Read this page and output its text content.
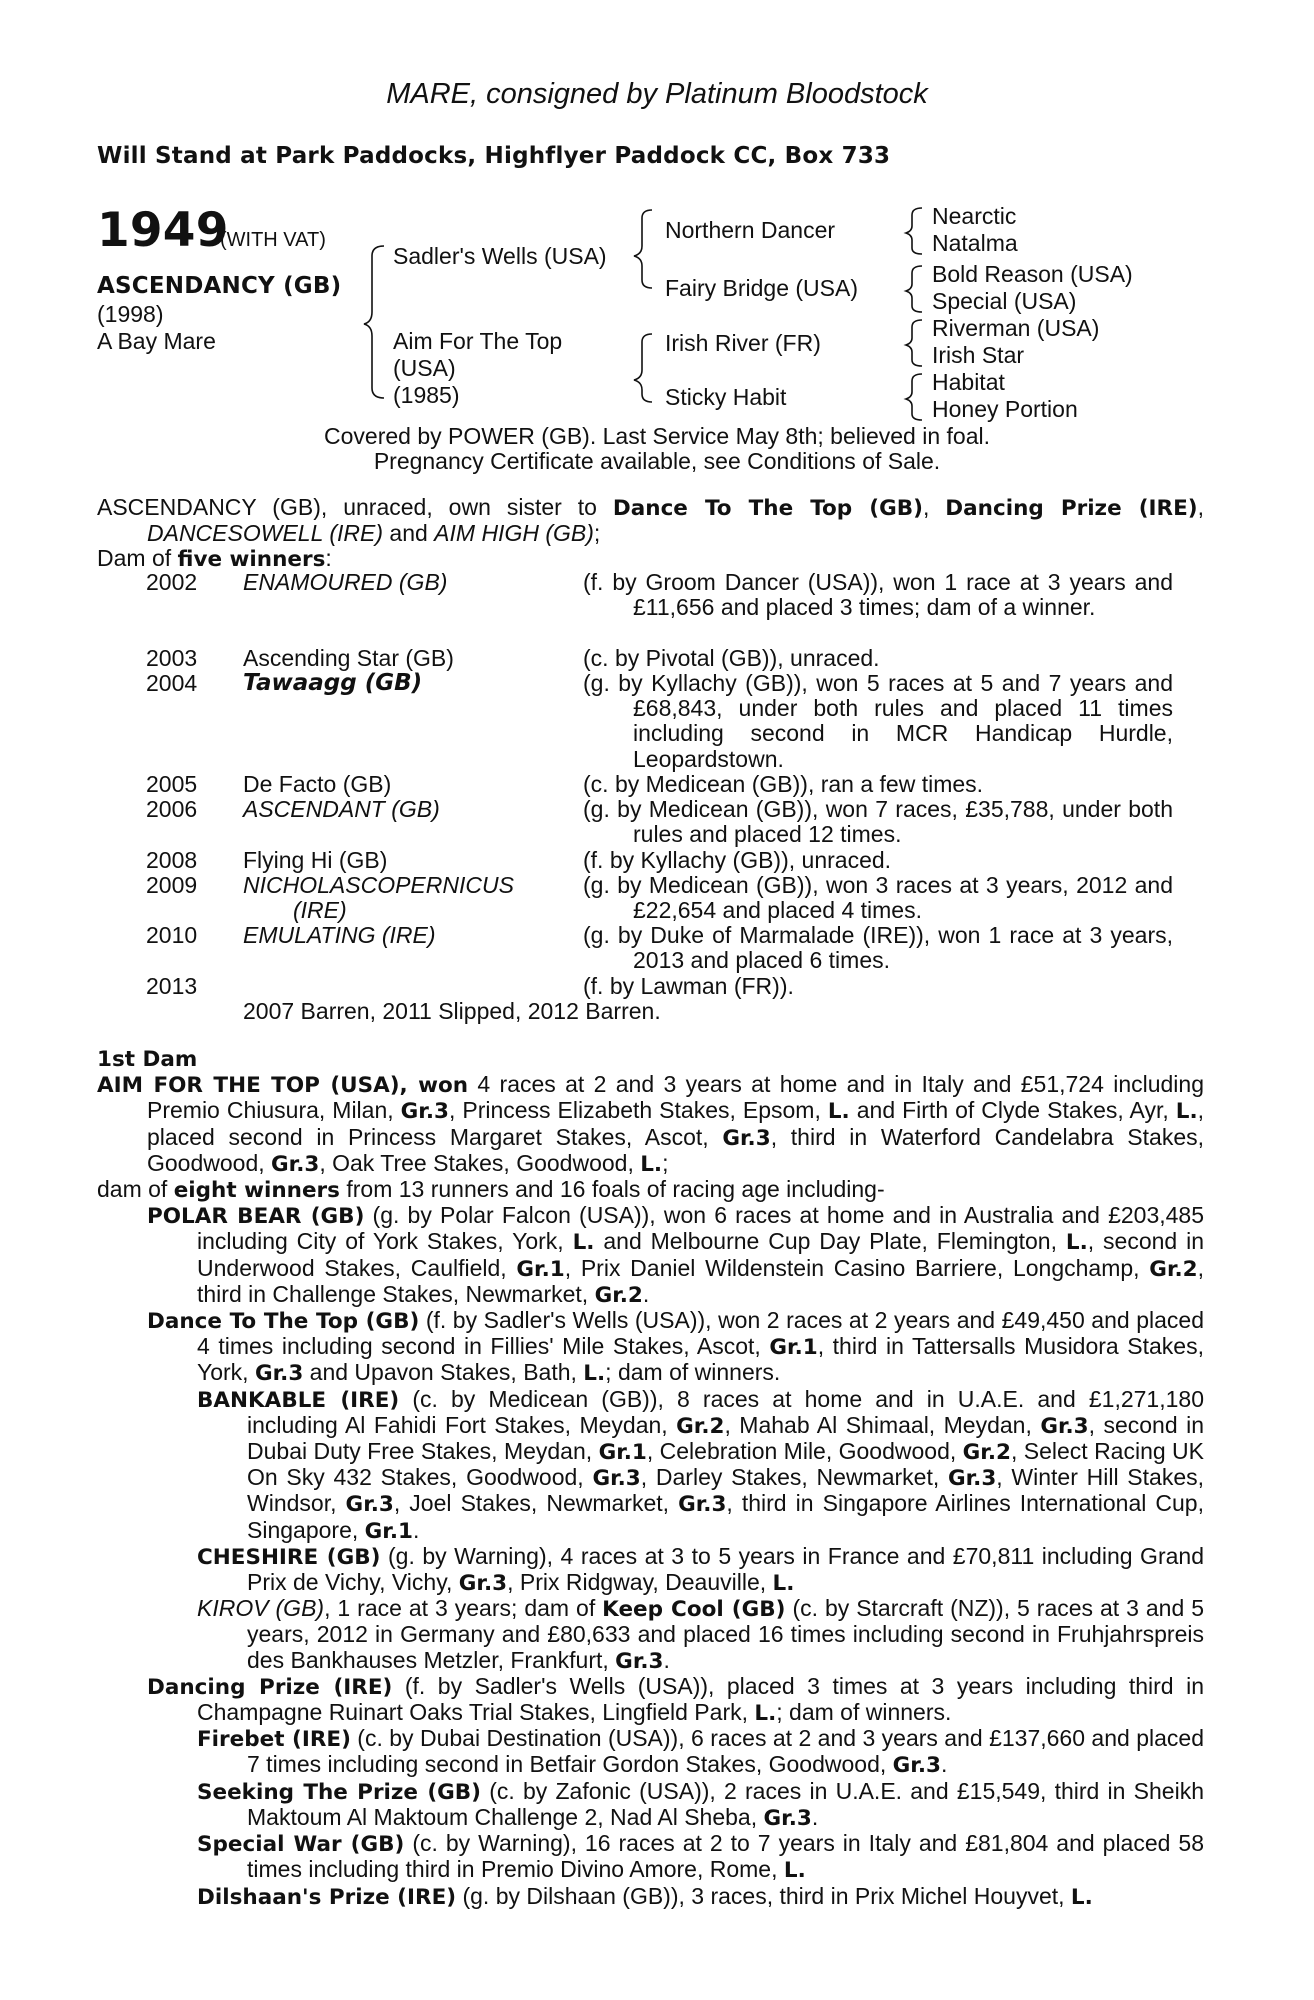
MARE, consigned by Platinum Bloodstock
Will Stand at Park Paddocks, Highflyer Paddock CC, Box 733
1949
(WITH VAT)
ASCENDANCY (GB)
(1998)
A Bay Mare
Sadler's Wells (USA)
Aim For The Top
(USA)
(1985)
Northern Dancer
Fairy Bridge (USA)
Irish River (FR)
Sticky Habit
Nearctic
Natalma
Bold Reason (USA)
Special (USA)
Riverman (USA)
Irish Star
Habitat
Honey Portion
Covered by POWER (GB). Last Service May 8th; believed in foal.
Pregnancy Certificate available, see Conditions of Sale.

ASCENDANCY (GB), unraced, own sister to Dance To The Top (GB), Dancing Prize (IRE), DANCESOWELL (IRE) and AIM HIGH (GB);

Dam of five winners:

2002 ENAMOURED (GB)	(f. by Groom Dancer (USA)), won 1 race at 3 years and £11,656 and placed 3 times; dam of a winner.
2003 Ascending Star (GB)	(c. by Pivotal (GB)), unraced.
2004 Tawaagg (GB)	(g. by Kyllachy (GB)), won 5 races at 5 and 7 years and £68,843, under both rules and placed 11 times including second in MCR Handicap Hurdle, Leopardstown.
2005 De Facto (GB)	(c. by Medicean (GB)), ran a few times.
2006 ASCENDANT (GB)	(g. by Medicean (GB)), won 7 races, £35,788, under both rules and placed 12 times.
2008 Flying Hi (GB)	(f. by Kyllachy (GB)), unraced.
2009 NICHOLASCOPERNICUS
(IRE)
(g. by Medicean (GB)), won 3 races at 3 years, 2012 and £22,654 and placed 4 times.
2010 EMULATING (IRE)	(g. by Duke of Marmalade (IRE)), won 1 race at 3 years, 2013 and placed 6 times.
2013	(f. by Lawman (FR)).
2007 Barren, 2011 Slipped, 2012 Barren.

1st Dam

AIM FOR THE TOP (USA), won 4 races at 2 and 3 years at home and in Italy and £51,724 including Premio Chiusura, Milan, Gr.3, Princess Elizabeth Stakes, Epsom, L. and Firth of Clyde Stakes, Ayr, L., placed second in Princess Margaret Stakes, Ascot, Gr.3, third in Waterford Candelabra Stakes, Goodwood, Gr.3, Oak Tree Stakes, Goodwood, L.;

dam of eight winners from 13 runners and 16 foals of racing age including-

POLAR BEAR (GB) (g. by Polar Falcon (USA)), won 6 races at home and in Australia and £203,485 including City of York Stakes, York, L. and Melbourne Cup Day Plate, Flemington, L., second in Underwood Stakes, Caulfield, Gr.1, Prix Daniel Wildenstein Casino Barriere, Longchamp, Gr.2, third in Challenge Stakes, Newmarket, Gr.2.

Dance To The Top (GB) (f. by Sadler's Wells (USA)), won 2 races at 2 years and £49,450 and placed 4 times including second in Fillies' Mile Stakes, Ascot, Gr.1, third in Tattersalls Musidora Stakes, York, Gr.3 and Upavon Stakes, Bath, L.; dam of winners.

BANKABLE (IRE) (c. by Medicean (GB)), 8 races at home and in U.A.E. and £1,271,180 including Al Fahidi Fort Stakes, Meydan, Gr.2, Mahab Al Shimaal, Meydan, Gr.3, second in Dubai Duty Free Stakes, Meydan, Gr.1, Celebration Mile, Goodwood, Gr.2, Select Racing UK On Sky 432 Stakes, Goodwood, Gr.3, Darley Stakes, Newmarket, Gr.3, Winter Hill Stakes, Windsor, Gr.3, Joel Stakes, Newmarket, Gr.3, third in Singapore Airlines International Cup, Singapore, Gr.1.

CHESHIRE (GB) (g. by Warning), 4 races at 3 to 5 years in France and £70,811 including Grand Prix de Vichy, Vichy, Gr.3, Prix Ridgway, Deauville, L.

KIROV (GB), 1 race at 3 years; dam of Keep Cool (GB) (c. by Starcraft (NZ)), 5 races at 3 and 5 years, 2012 in Germany and £80,633 and placed 16 times including second in Fruhjahrspreis des Bankhauses Metzler, Frankfurt, Gr.3.

Dancing Prize (IRE) (f. by Sadler's Wells (USA)), placed 3 times at 3 years including third in Champagne Ruinart Oaks Trial Stakes, Lingfield Park, L.; dam of winners.

Firebet (IRE) (c. by Dubai Destination (USA)), 6 races at 2 and 3 years and £137,660 and placed 7 times including second in Betfair Gordon Stakes, Goodwood, Gr.3.

Seeking The Prize (GB) (c. by Zafonic (USA)), 2 races in U.A.E. and £15,549, third in Sheikh Maktoum Al Maktoum Challenge 2, Nad Al Sheba, Gr.3.

Special War (GB) (c. by Warning), 16 races at 2 to 7 years in Italy and £81,804 and placed 58 times including third in Premio Divino Amore, Rome, L.

Dilshaan's Prize (IRE) (g. by Dilshaan (GB)), 3 races, third in Prix Michel Houyvet, L.
